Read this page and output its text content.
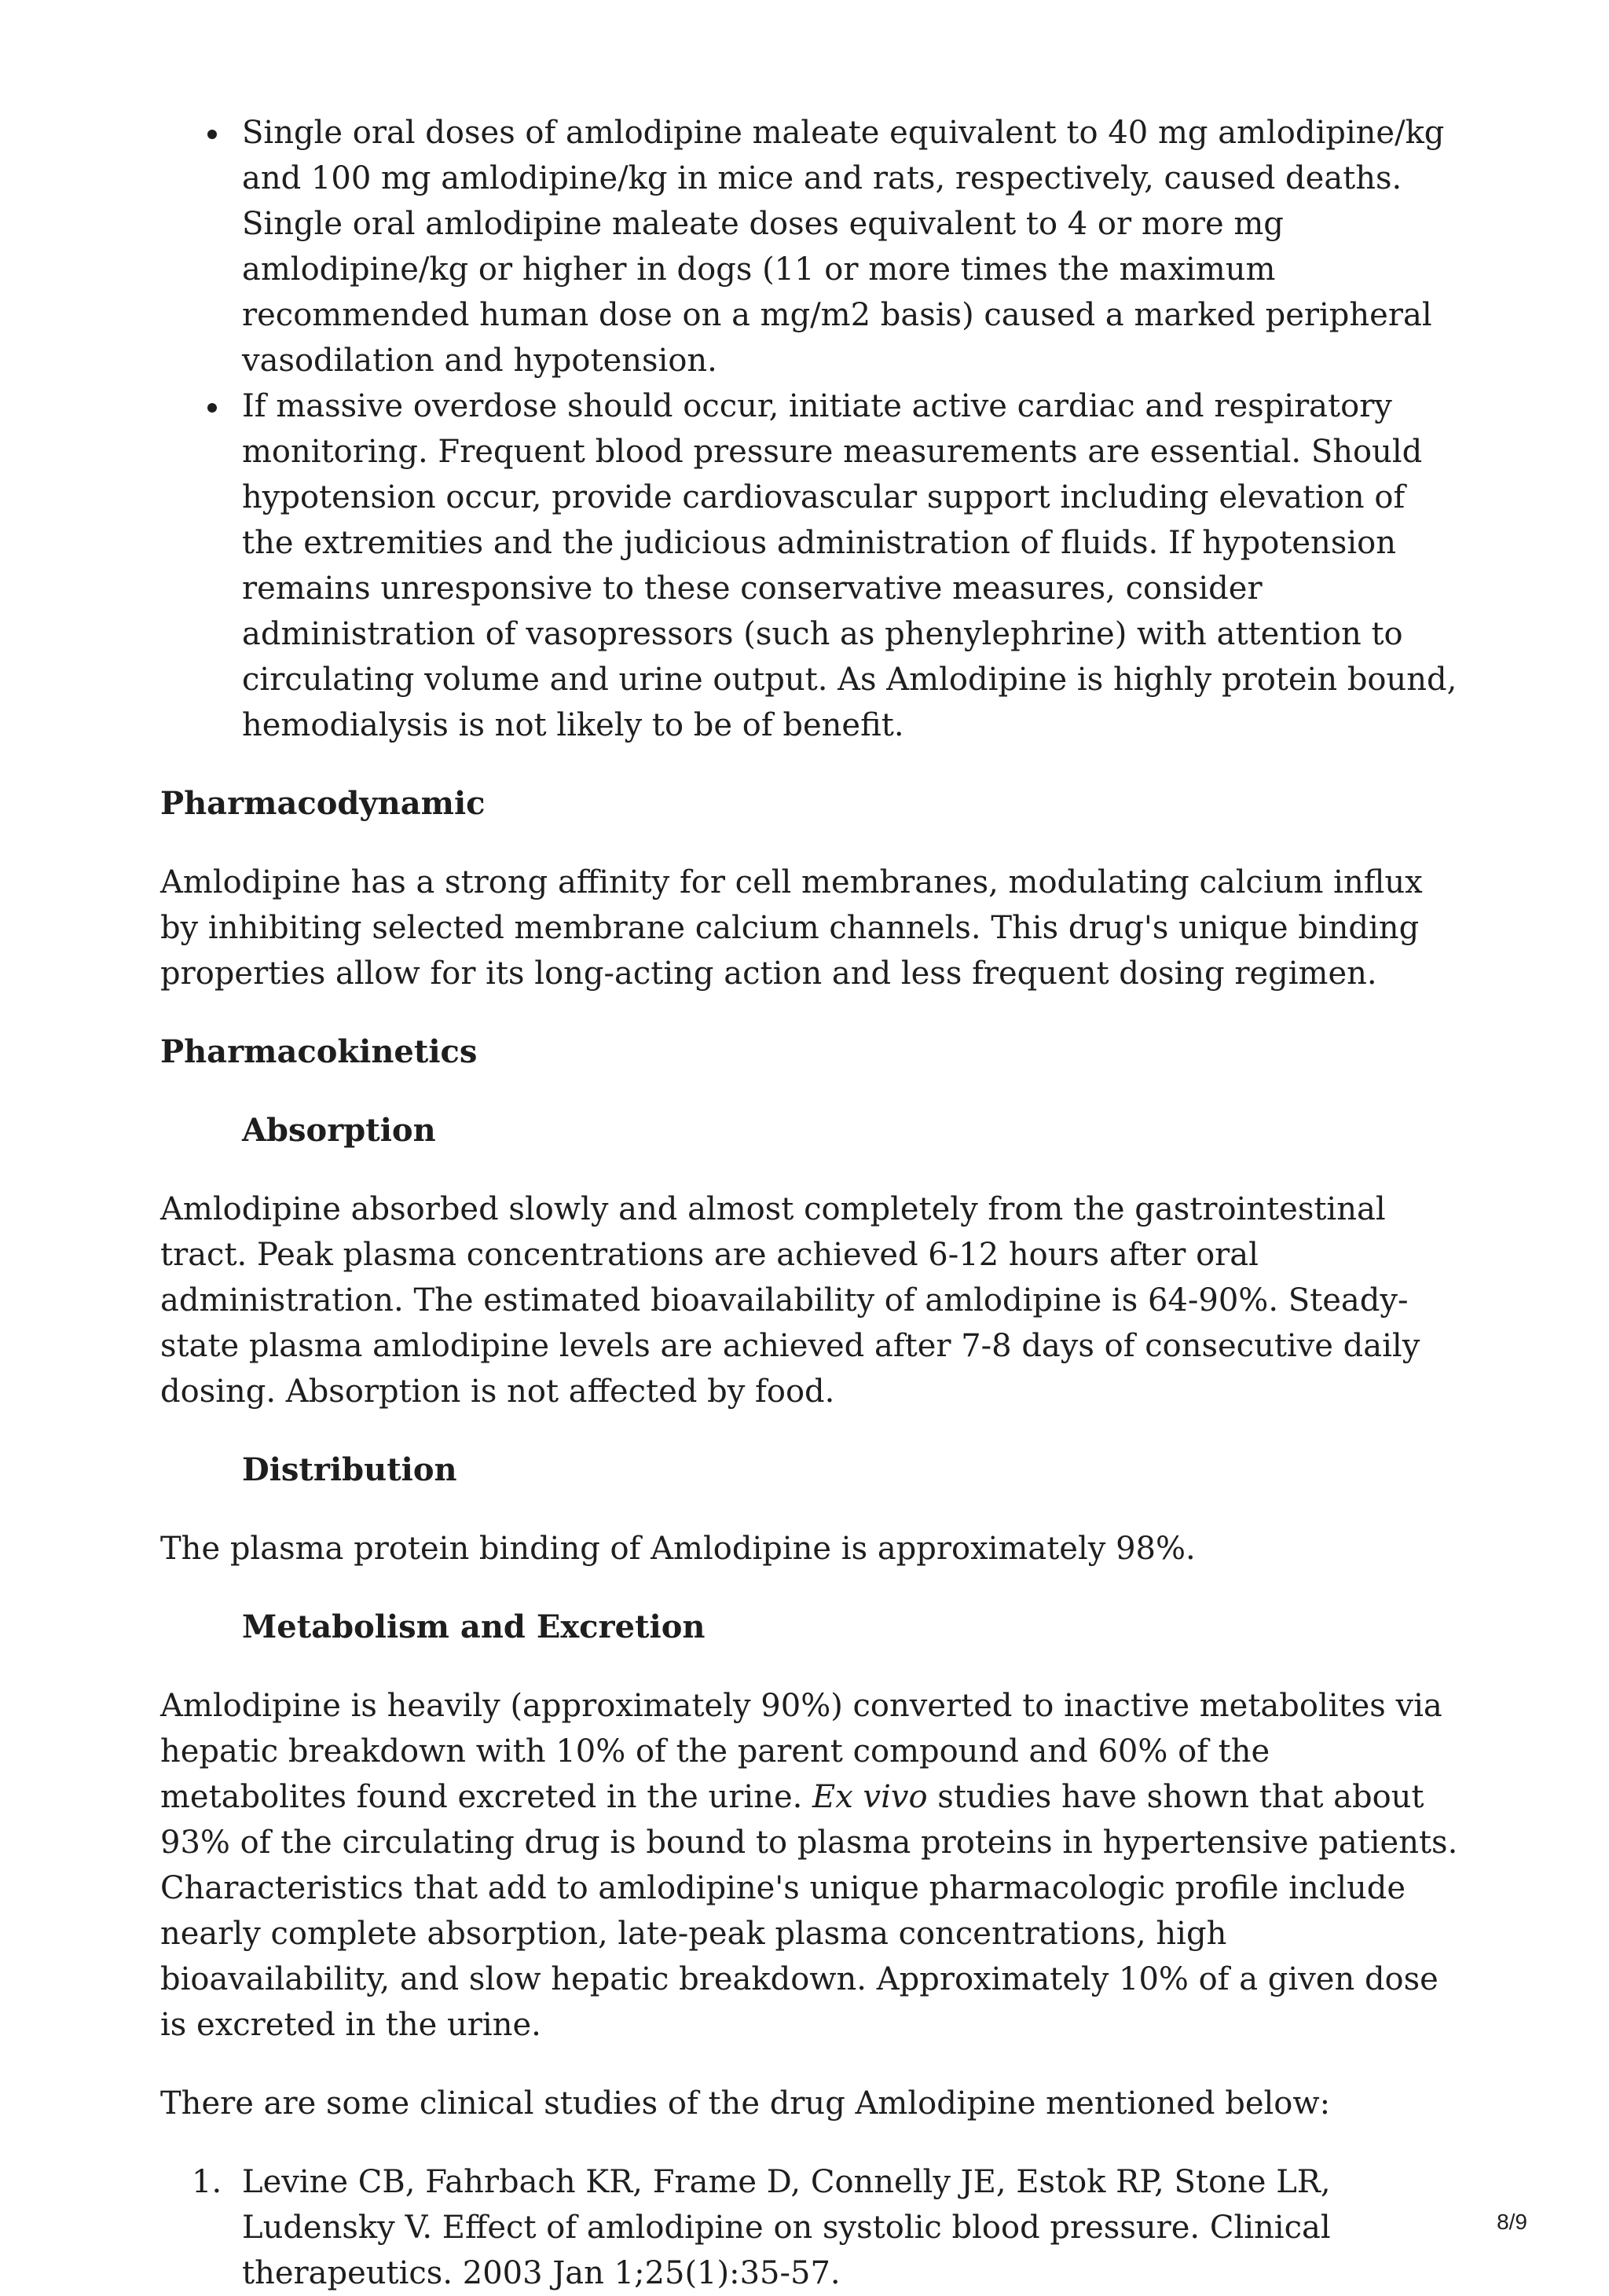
Single oral doses of amlodipine maleate equivalent to 40 mg amlodipine/kg and 100 mg amlodipine/kg in mice and rats, respectively, caused deaths. Single oral amlodipine maleate doses equivalent to 4 or more mg amlodipine/kg or higher in dogs (11 or more times the maximum recommended human dose on a mg/m2 basis) caused a marked peripheral vasodilation and hypotension.
If massive overdose should occur, initiate active cardiac and respiratory monitoring. Frequent blood pressure measurements are essential. Should hypotension occur, provide cardiovascular support including elevation of the extremities and the judicious administration of fluids. If hypotension remains unresponsive to these conservative measures, consider administration of vasopressors (such as phenylephrine) with attention to circulating volume and urine output. As Amlodipine is highly protein bound, hemodialysis is not likely to be of benefit.
Pharmacodynamic

Amlodipine has a strong affinity for cell membranes, modulating calcium influx by inhibiting selected membrane calcium channels. This drug's unique binding properties allow for its long-acting action and less frequent dosing regimen.

Pharmacokinetics
Absorption

Amlodipine absorbed slowly and almost completely from the gastrointestinal tract. Peak plasma concentrations are achieved 6-12 hours after oral administration. The estimated bioavailability of amlodipine is 64-90%. Steady-state plasma amlodipine levels are achieved after 7-8 days of consecutive daily dosing. Absorption is not affected by food.

Distribution

The plasma protein binding of Amlodipine is approximately 98%.

Metabolism and Excretion

Amlodipine is heavily (approximately 90%) converted to inactive metabolites via hepatic breakdown with 10% of the parent compound and 60% of the metabolites found excreted in the urine. Ex vivo studies have shown that about 93% of the circulating drug is bound to plasma proteins in hypertensive patients. Characteristics that add to amlodipine's unique pharmacologic profile include nearly complete absorption, late-peak plasma concentrations, high bioavailability, and slow hepatic breakdown. Approximately 10% of a given dose is excreted in the urine.

There are some clinical studies of the drug Amlodipine mentioned below:

1. Levine CB, Fahrbach KR, Frame D, Connelly JE, Estok RP, Stone LR, Ludensky V. Effect of amlodipine on systolic blood pressure. Clinical therapeutics. 2003 Jan 1;25(1):35-57.
8/9
